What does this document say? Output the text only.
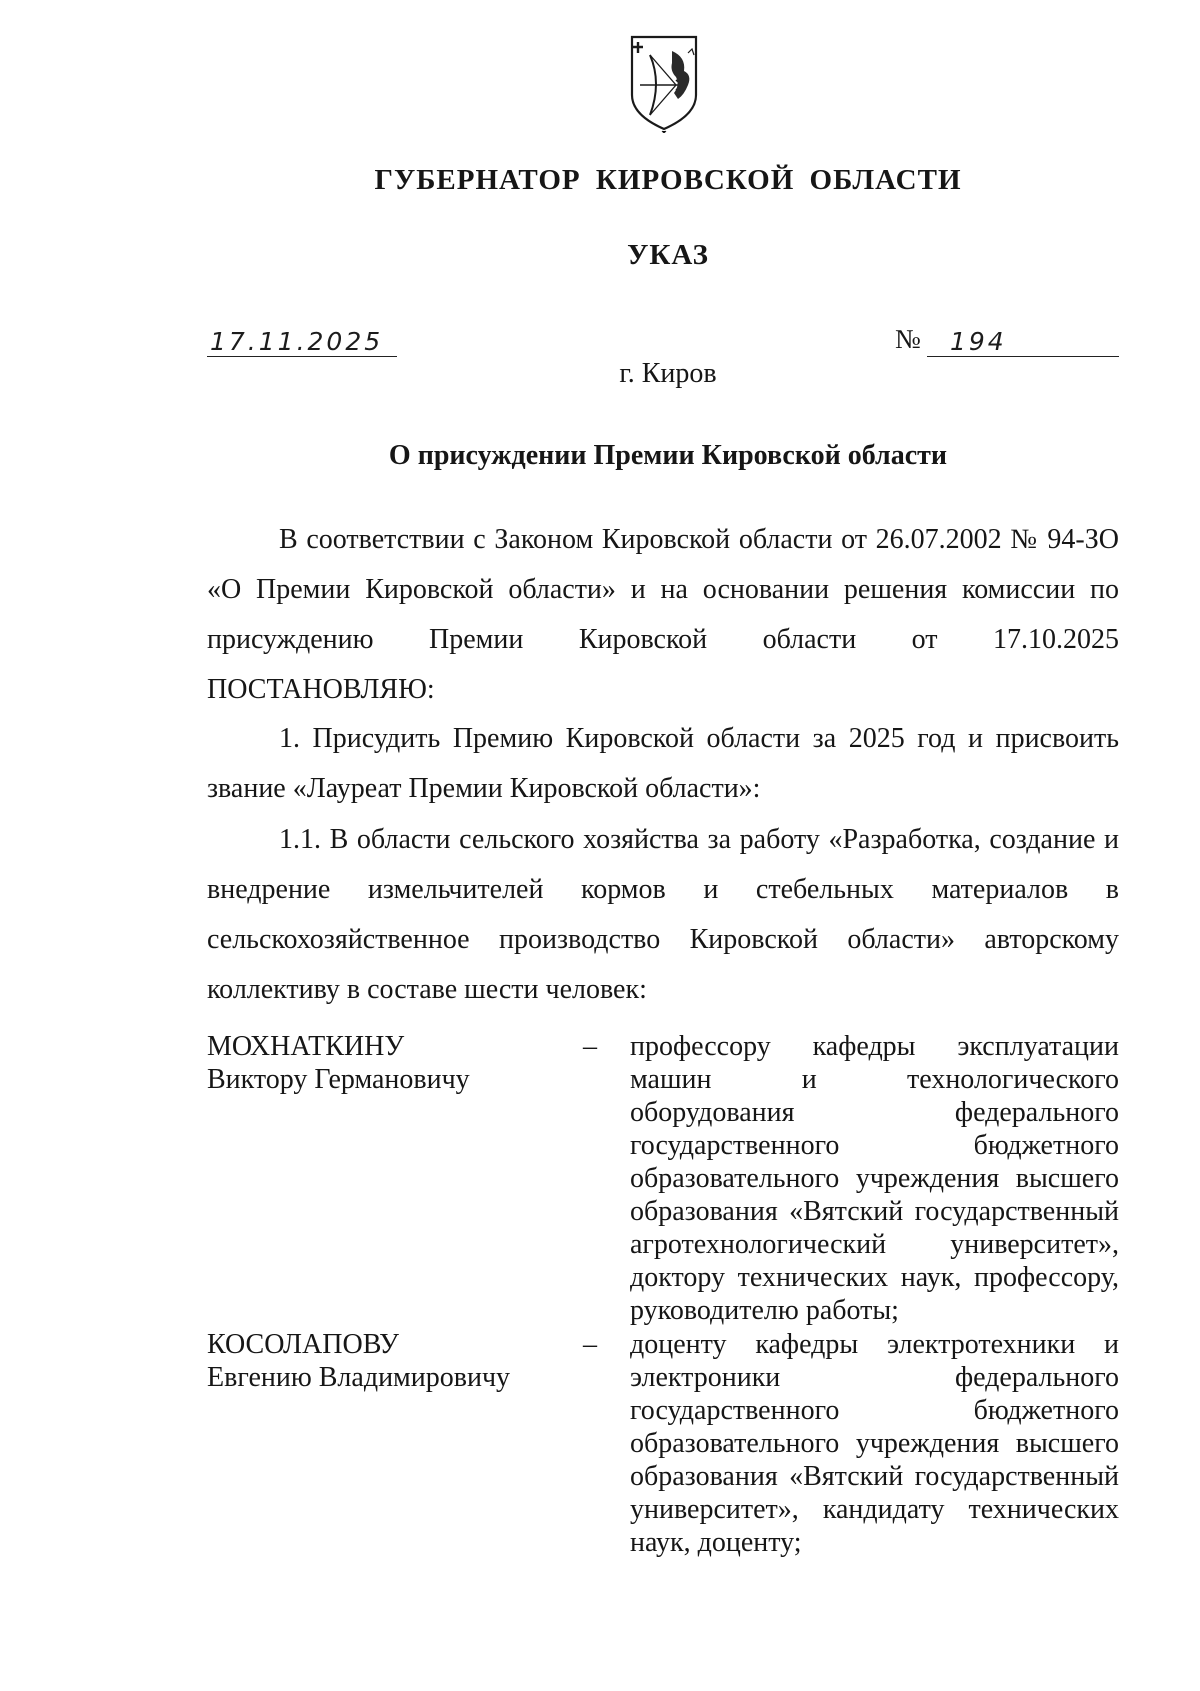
ГУБЕРНАТОР КИРОВСКОЙ ОБЛАСТИ
УКАЗ
17.11.2025	№ 194
г. Киров
О присуждении Премии Кировской области
В соответствии с Законом Кировской области от 26.07.2002 № 94-ЗО «О Премии Кировской области» и на основании решения комиссии по присуждению Премии Кировской области от 17.10.2025
ПОСТАНОВЛЯЮ:
1. Присудить Премию Кировской области за 2025 год и присвоить звание «Лауреат Премии Кировской области»:
1.1. В области сельского хозяйства за работу «Разработка, создание и внедрение измельчителей кормов и стебельных материалов в сельскохозяйственное производство Кировской области» авторскому коллективу в составе шести человек:
МОХНАТКИНУ
Виктору Германовичу
– профессору кафедры эксплуатации машин и технологического оборудования федерального государственного бюджетного образовательного учреждения высшего образования «Вятский государственный агротехнологический университет», доктору технических наук, профессору, руководителю работы;
КОСОЛАПОВУ
Евгению Владимировичу
– доценту кафедры электротехники и электроники федерального государственного бюджетного образовательного учреждения высшего образования «Вятский государственный университет», кандидату технических наук, доценту;
